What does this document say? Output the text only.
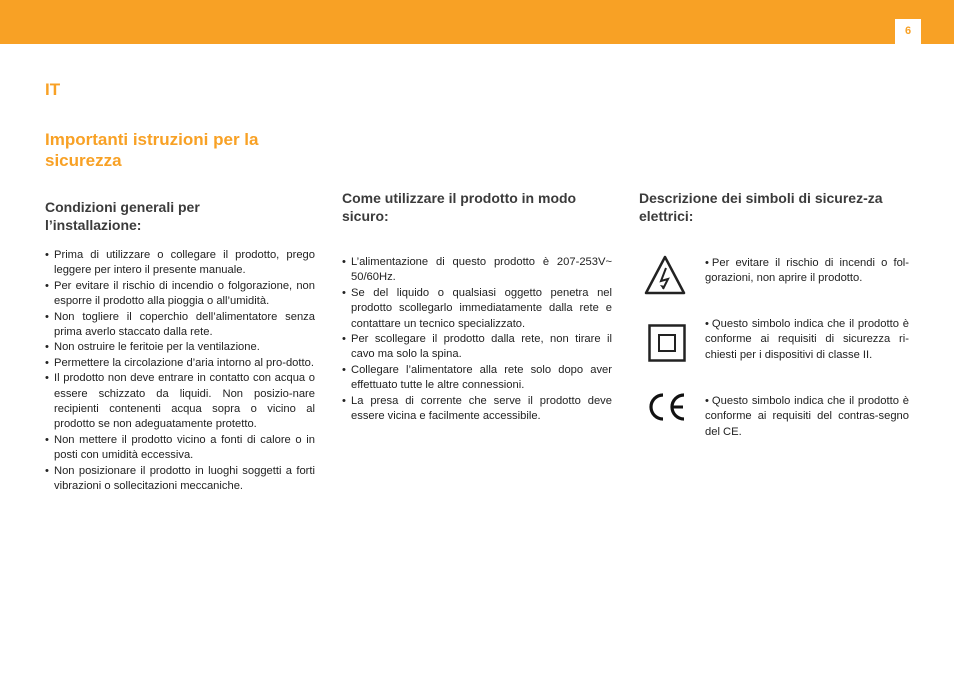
6
IT
Importanti istruzioni per la sicurezza
Condizioni generali per l’installazione:
• Prima di utilizzare o collegare il prodotto, prego leggere per intero il presente manuale.
• Per evitare il rischio di incendio o folgorazione, non esporre il prodotto alla pioggia o all’umidità.
• Non togliere il coperchio dell’alimentatore senza prima averlo staccato dalla rete.
• Non ostruire le feritoie per la ventilazione.
• Permettere la circolazione d’aria intorno al pro-dotto.
• Il prodotto non deve entrare in contatto con acqua o essere schizzato da liquidi. Non posizio-nare recipienti contenenti acqua sopra o vicino al prodotto se non adeguatamente protetto.
• Non mettere il prodotto vicino a fonti di calore o in posti con umidità eccessiva.
• Non posizionare il prodotto in luoghi soggetti a forti vibrazioni o sollecitazioni meccaniche.
Come utilizzare il prodotto in modo sicuro:
• L’alimentazione di questo prodotto è 207-253V~ 50/60Hz.
• Se del liquido o qualsiasi oggetto penetra nel prodotto scollegarlo immediatamente dalla rete e contattare un tecnico specializzato.
• Per scollegare il prodotto dalla rete, non tirare il cavo ma solo la spina.
• Collegare l’alimentatore alla rete solo dopo aver effettuato tutte le altre connessioni.
• La presa di corrente che serve il prodotto deve essere vicina e facilmente accessibile.
Descrizione dei simboli di sicurez-za elettrici:
• Per evitare il rischio di incendi o fol-gorazioni, non aprire il prodotto.
• Questo simbolo indica che il prodotto è conforme ai requisiti di sicurezza ri-chiesti per i dispositivi di classe II.
• Questo simbolo indica che il prodotto è conforme ai requisiti del contras-segno del CE.
